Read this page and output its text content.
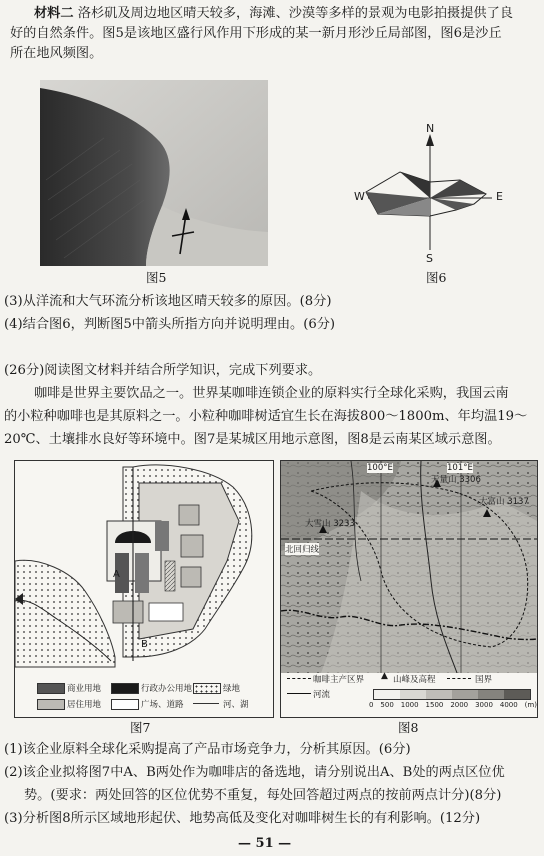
材料二 洛杉矶及周边地区晴天较多，海滩、沙漠等多样的景观为电影拍摄提供了良
好的自然条件。图5是该地区盛行风作用下形成的某一新月形沙丘局部图，图6是沙丘
所在地风频图。
图5
N
S
E
W
图6
(3)从洋流和大气环流分析该地区晴天较多的原因。(8分)
(4)结合图6，判断图5中箭头所指方向并说明理由。(6分)
(26分)阅读图文材料并结合所学知识，完成下列要求。
咖啡是世界主要饮品之一。世界某咖啡连锁企业的原料实行全球化采购，我国云南
的小粒种咖啡也是其原料之一。小粒种咖啡树适宜生长在海拔800～1800m、年均温19～
20℃、土壤排水良好等环境中。图7是某城区用地示意图，图8是云南某区域示意图。
A
B
商业用地	行政办公用地	绿地
居住用地	广场、道路	河、湖
图7
100°E	101°E
无量山 3306
大富山 3137
大雪山 3233
北回归线
咖啡主产区界 ▲ 山峰及高程	国界
河流
0 500 1000 1500 2000 3000 4000 (m)
图8
(1)该企业原料全球化采购提高了产品市场竞争力，分析其原因。(6分)
(2)该企业拟将图7中A、B两处作为咖啡店的备选地，请分别说出A、B处的两点区位优
势。(要求：两处回答的区位优势不重复，每处回答超过两点的按前两点计分)(8分)
(3)分析图8所示区域地形起伏、地势高低及变化对咖啡树生长的有利影响。(12分)
— 51 —
